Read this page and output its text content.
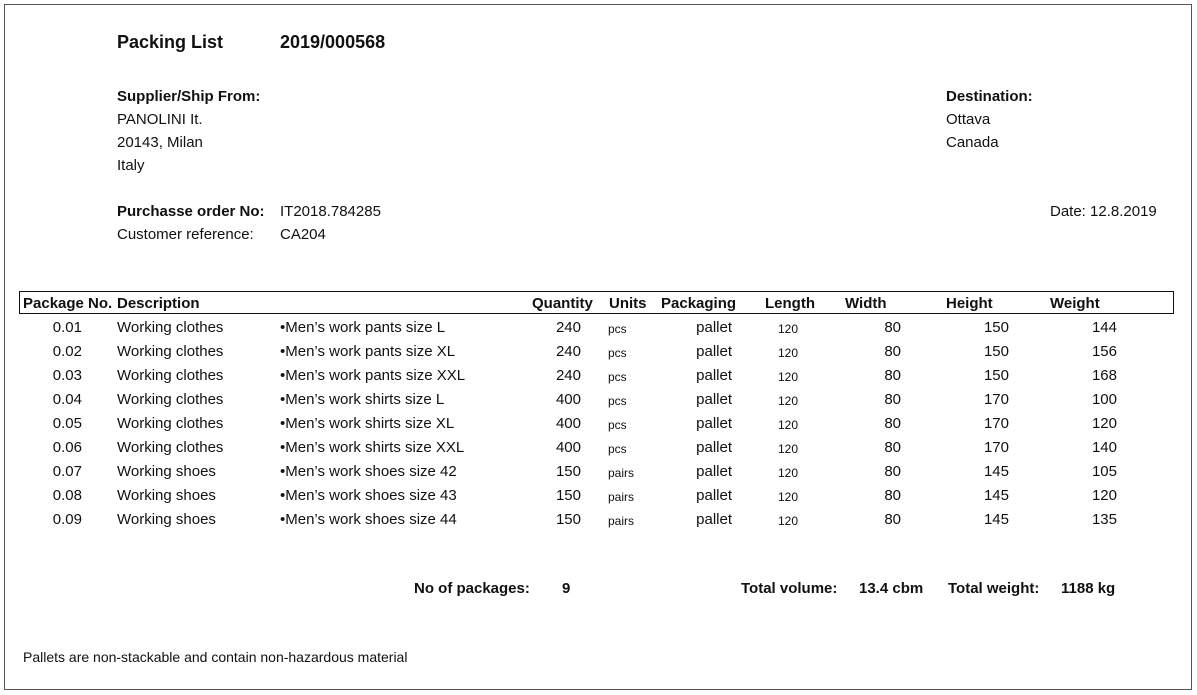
Packing List	2019/000568
Supplier/Ship From:
PANOLINI It.
20143, Milan
Italy
Destination:
Ottava
Canada
Purchasse order No: IT2018.784285
Customer reference: CA204
Date: 12.8.2019
Package No. Description	Quantity Units Packaging Length Width	Height	Weight
0.01 Working clothes	•Men’s work pants size L	240 pcs	pallet	120	80	150	144
0.02 Working clothes	•Men’s work pants size XL	240 pcs	pallet	120	80	150	156
0.03 Working clothes	•Men’s work pants size XXL	240 pcs	pallet	120	80	150	168
0.04 Working clothes	•Men’s work shirts size L	400 pcs	pallet	120	80	170	100
0.05 Working clothes	•Men’s work shirts size XL	400 pcs	pallet	120	80	170	120
0.06 Working clothes	•Men’s work shirts size XXL	400 pcs	pallet	120	80	170	140
0.07 Working shoes	•Men’s work shoes size 42	150 pairs	pallet	120	80	145	105
0.08 Working shoes	•Men’s work shoes size 43	150 pairs	pallet	120	80	145	120
0.09 Working shoes	•Men’s work shoes size 44	150 pairs	pallet	120	80	145	135
No of packages: 9	Total volume: 13.4 cbm Total weight: 1188 kg
Pallets are non-stackable and contain non-hazardous material
